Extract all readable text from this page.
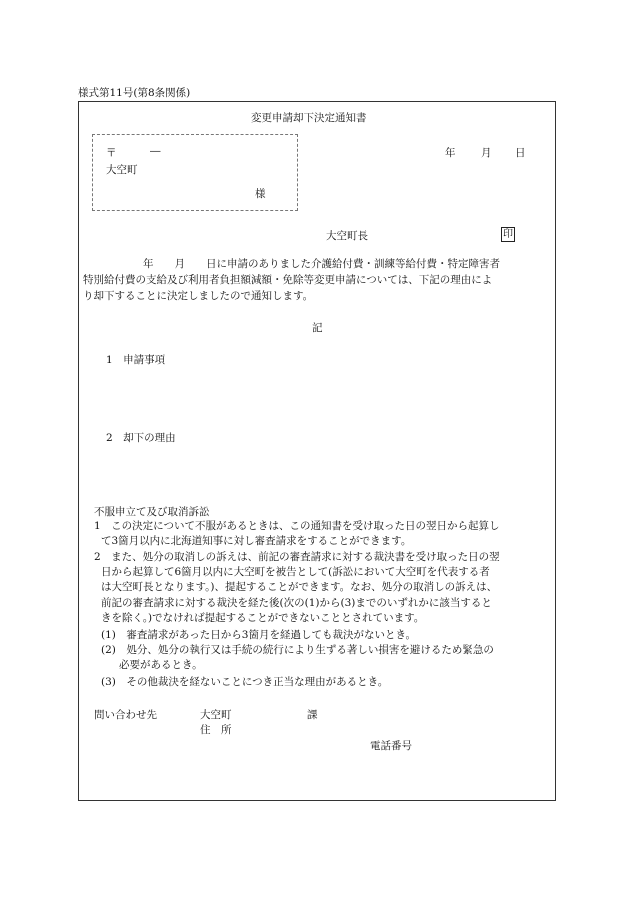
様式第11号(第8条関係)
変更申請却下決定通知書
〒	―
大空町
様
年 月 日
大空町長	印
年　　月　　日に申請のありました介護給付費・訓練等給付費・特定障害者
特別給付費の支給及び利用者負担額減額・免除等変更申請については、下記の理由によ
り却下することに決定しましたので通知します。
記
1　申請事項
2　却下の理由
不服申立て及び取消訴訟
1　この決定について不服があるときは、この通知書を受け取った日の翌日から起算し
て3箇月以内に北海道知事に対し審査請求をすることができます。
2　また、処分の取消しの訴えは、前記の審査請求に対する裁決書を受け取った日の翌
日から起算して6箇月以内に大空町を被告として(訴訟において大空町を代表する者
は大空町長となります。)、提起することができます。なお、処分の取消しの訴えは、
前記の審査請求に対する裁決を経た後(次の(1)から(3)までのいずれかに該当すると
きを除く。)でなければ提起することができないこととされています。
(1)　審査請求があった日から3箇月を経過しても裁決がないとき。
(2)　処分、処分の執行又は手続の続行により生ずる著しい損害を避けるため緊急の
必要があるとき。
(3)　その他裁決を経ないことにつき正当な理由があるとき。
問い合わせ先	大空町	課
住　所
電話番号
